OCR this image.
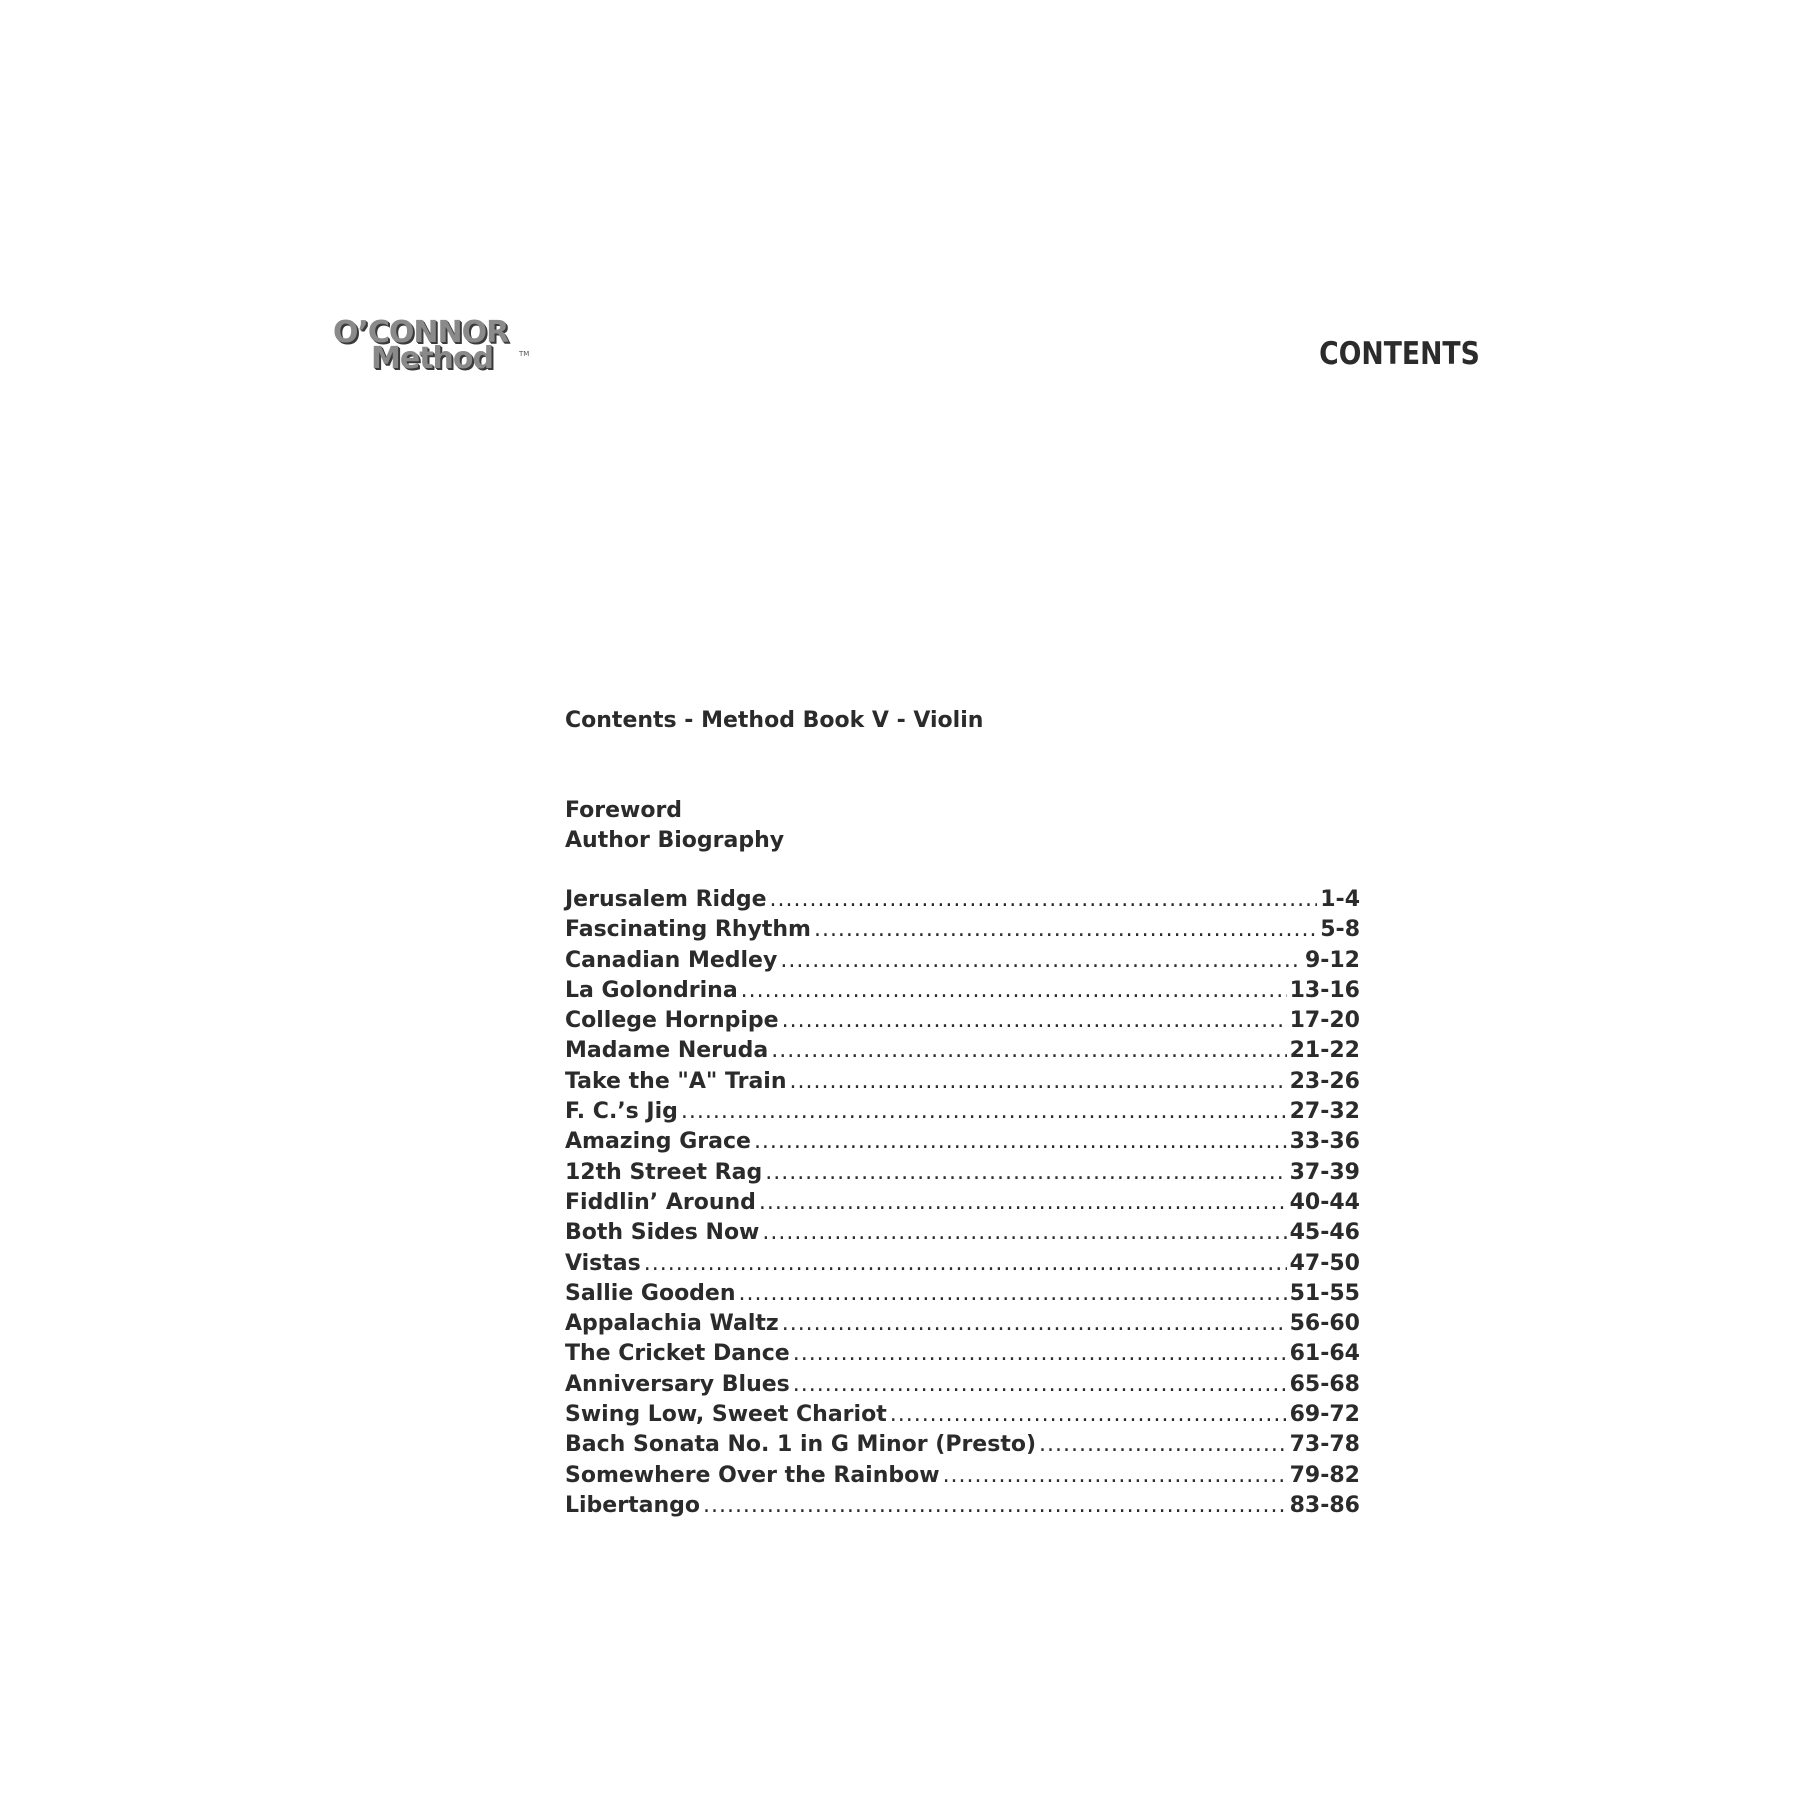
O’CONNOR
Method	TM	CONTENTS
Contents - Method Book V - Violin
Foreword
Author Biography
Jerusalem Ridge .....	1-4
Fascinating Rhythm .....	5-8
Canadian Medley .....	9-12
La Golondrina .....	13-16
College Hornpipe .....	17-20
Madame Neruda .....	21-22
Take the "A" Train .....	23-26
F. C.’s Jig .....	27-32
Amazing Grace .....	33-36
12th Street Rag .....	37-39
Fiddlin’ Around .....	40-44
Both Sides Now .....	45-46
Vistas .....	47-50
Sallie Gooden .....	51-55
Appalachia Waltz .....	56-60
The Cricket Dance .....	61-64
Anniversary Blues .....	65-68
Swing Low, Sweet Chariot .....	69-72
Bach Sonata No. 1 in G Minor (Presto) .....	73-78
Somewhere Over the Rainbow .....	79-82
Libertango .....	83-86
